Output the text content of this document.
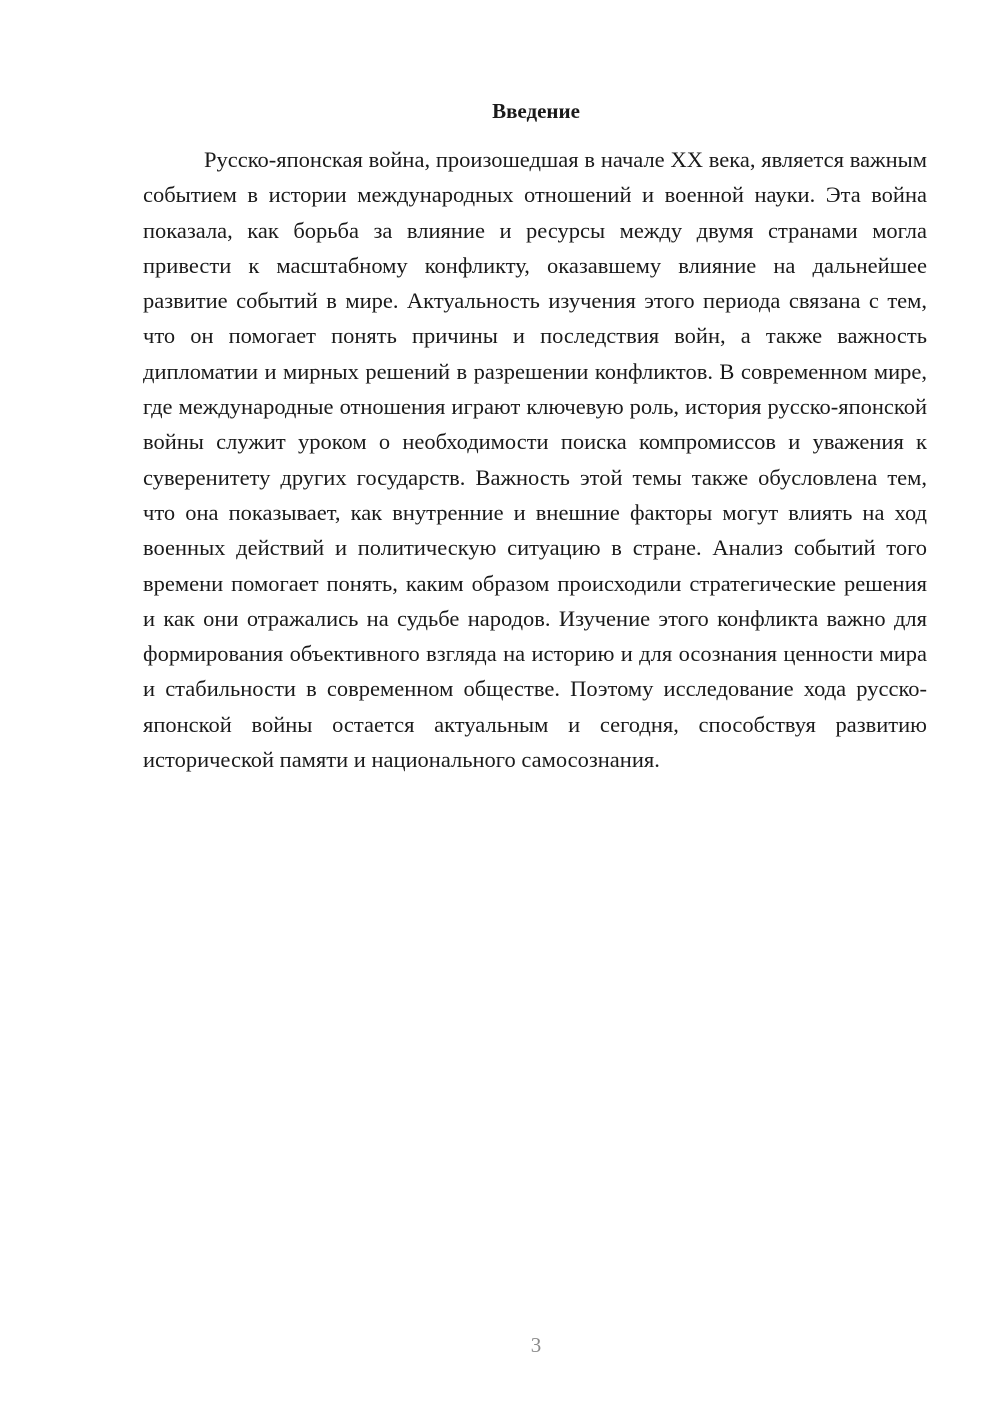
Введение

Русско-японская война, произошедшая в начале XX века, является важным событием в истории международных отношений и военной науки. Эта война показала, как борьба за влияние и ресурсы между двумя странами могла привести к масштабному конфликту, оказавшему влияние на дальнейшее развитие событий в мире. Актуальность изучения этого периода связана с тем, что он помогает понять причины и последствия войн, а также важность дипломатии и мирных решений в разрешении конфликтов. В современном мире, где международные отношения играют ключевую роль, история русско-японской войны служит уроком о необходимости поиска компромиссов и уважения к суверенитету других государств. Важность этой темы также обусловлена тем, что она показывает, как внутренние и внешние факторы могут влиять на ход военных действий и политическую ситуацию в стране. Анализ событий того времени помогает понять, каким образом происходили стратегические решения и как они отражались на судьбе народов. Изучение этого конфликта важно для формирования объективного взгляда на историю и для осознания ценности мира и стабильности в современном обществе. Поэтому исследование хода русско-японской войны остается актуальным и сегодня, способствуя развитию исторической памяти и национального самосознания.

3
